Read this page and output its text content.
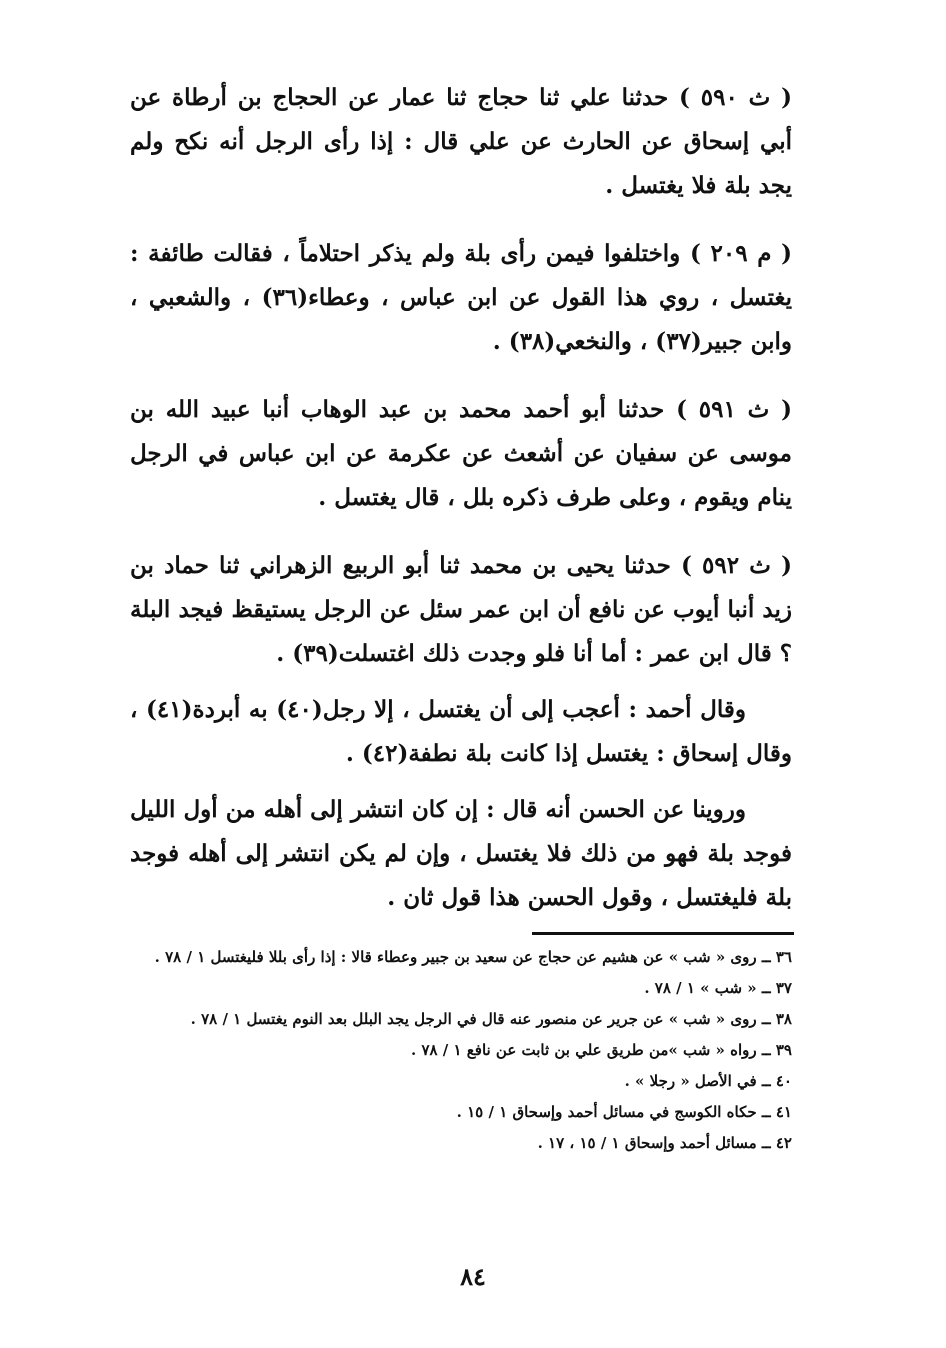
( ث ٥٩٠ ) حدثنا علي ثنا حجاج ثنا عمار عن الحجاج بن أرطاة عن أبي إسحاق عن الحارث عن علي قال : إذا رأى الرجل أنه نكح ولم يجد بلة فلا يغتسل .

( م ٢٠٩ ) واختلفوا فيمن رأى بلة ولم يذكر احتلاماً ، فقالت طائفة : يغتسل ، روي هذا القول عن ابن عباس ، وعطاء(٣٦) ، والشعبي ، وابن جبير(٣٧) ، والنخعي(٣٨) .

( ث ٥٩١ ) حدثنا أبو أحمد محمد بن عبد الوهاب أنبا عبيد الله بن موسى عن سفيان عن أشعث عن عكرمة عن ابن عباس في الرجل ينام ويقوم ، وعلى طرف ذكره بلل ، قال يغتسل .

( ث ٥٩٢ ) حدثنا يحيى بن محمد ثنا أبو الربيع الزهراني ثنا حماد بن زيد أنبا أيوب عن نافع أن ابن عمر سئل عن الرجل يستيقظ فيجد البلة ؟ قال ابن عمر : أما أنا فلو وجدت ذلك اغتسلت(٣٩) .

وقال أحمد : أعجب إلى أن يغتسل ، إلا رجل(٤٠) به أبردة(٤١) ، وقال إسحاق : يغتسل إذا كانت بلة نطفة(٤٢) .

وروينا عن الحسن أنه قال : إن كان انتشر إلى أهله من أول الليل فوجد بلة فهو من ذلك فلا يغتسل ، وإن لم يكن انتشر إلى أهله فوجد بلة فليغتسل ، وقول الحسن هذا قول ثان .

٣٦ ــ روى « شب » عن هشيم عن حجاج عن سعيد بن جبير وعطاء قالا : إذا رأى بللا فليغتسل ١ / ٧٨ .
٣٧ ــ « شب » ١ / ٧٨ .
٣٨ ــ روى « شب » عن جرير عن منصور عنه قال في الرجل يجد البلل بعد النوم يغتسل ١ / ٧٨ .
٣٩ ــ رواه « شب »من طريق علي بن ثابت عن نافع ١ / ٧٨ .
٤٠ ــ في الأصل « رجلا » .
٤١ ــ حكاه الكوسج في مسائل أحمد وإسحاق ١ / ١٥ .
٤٢ ــ مسائل أحمد وإسحاق ١ / ١٥ ، ١٧ .
٨٤
